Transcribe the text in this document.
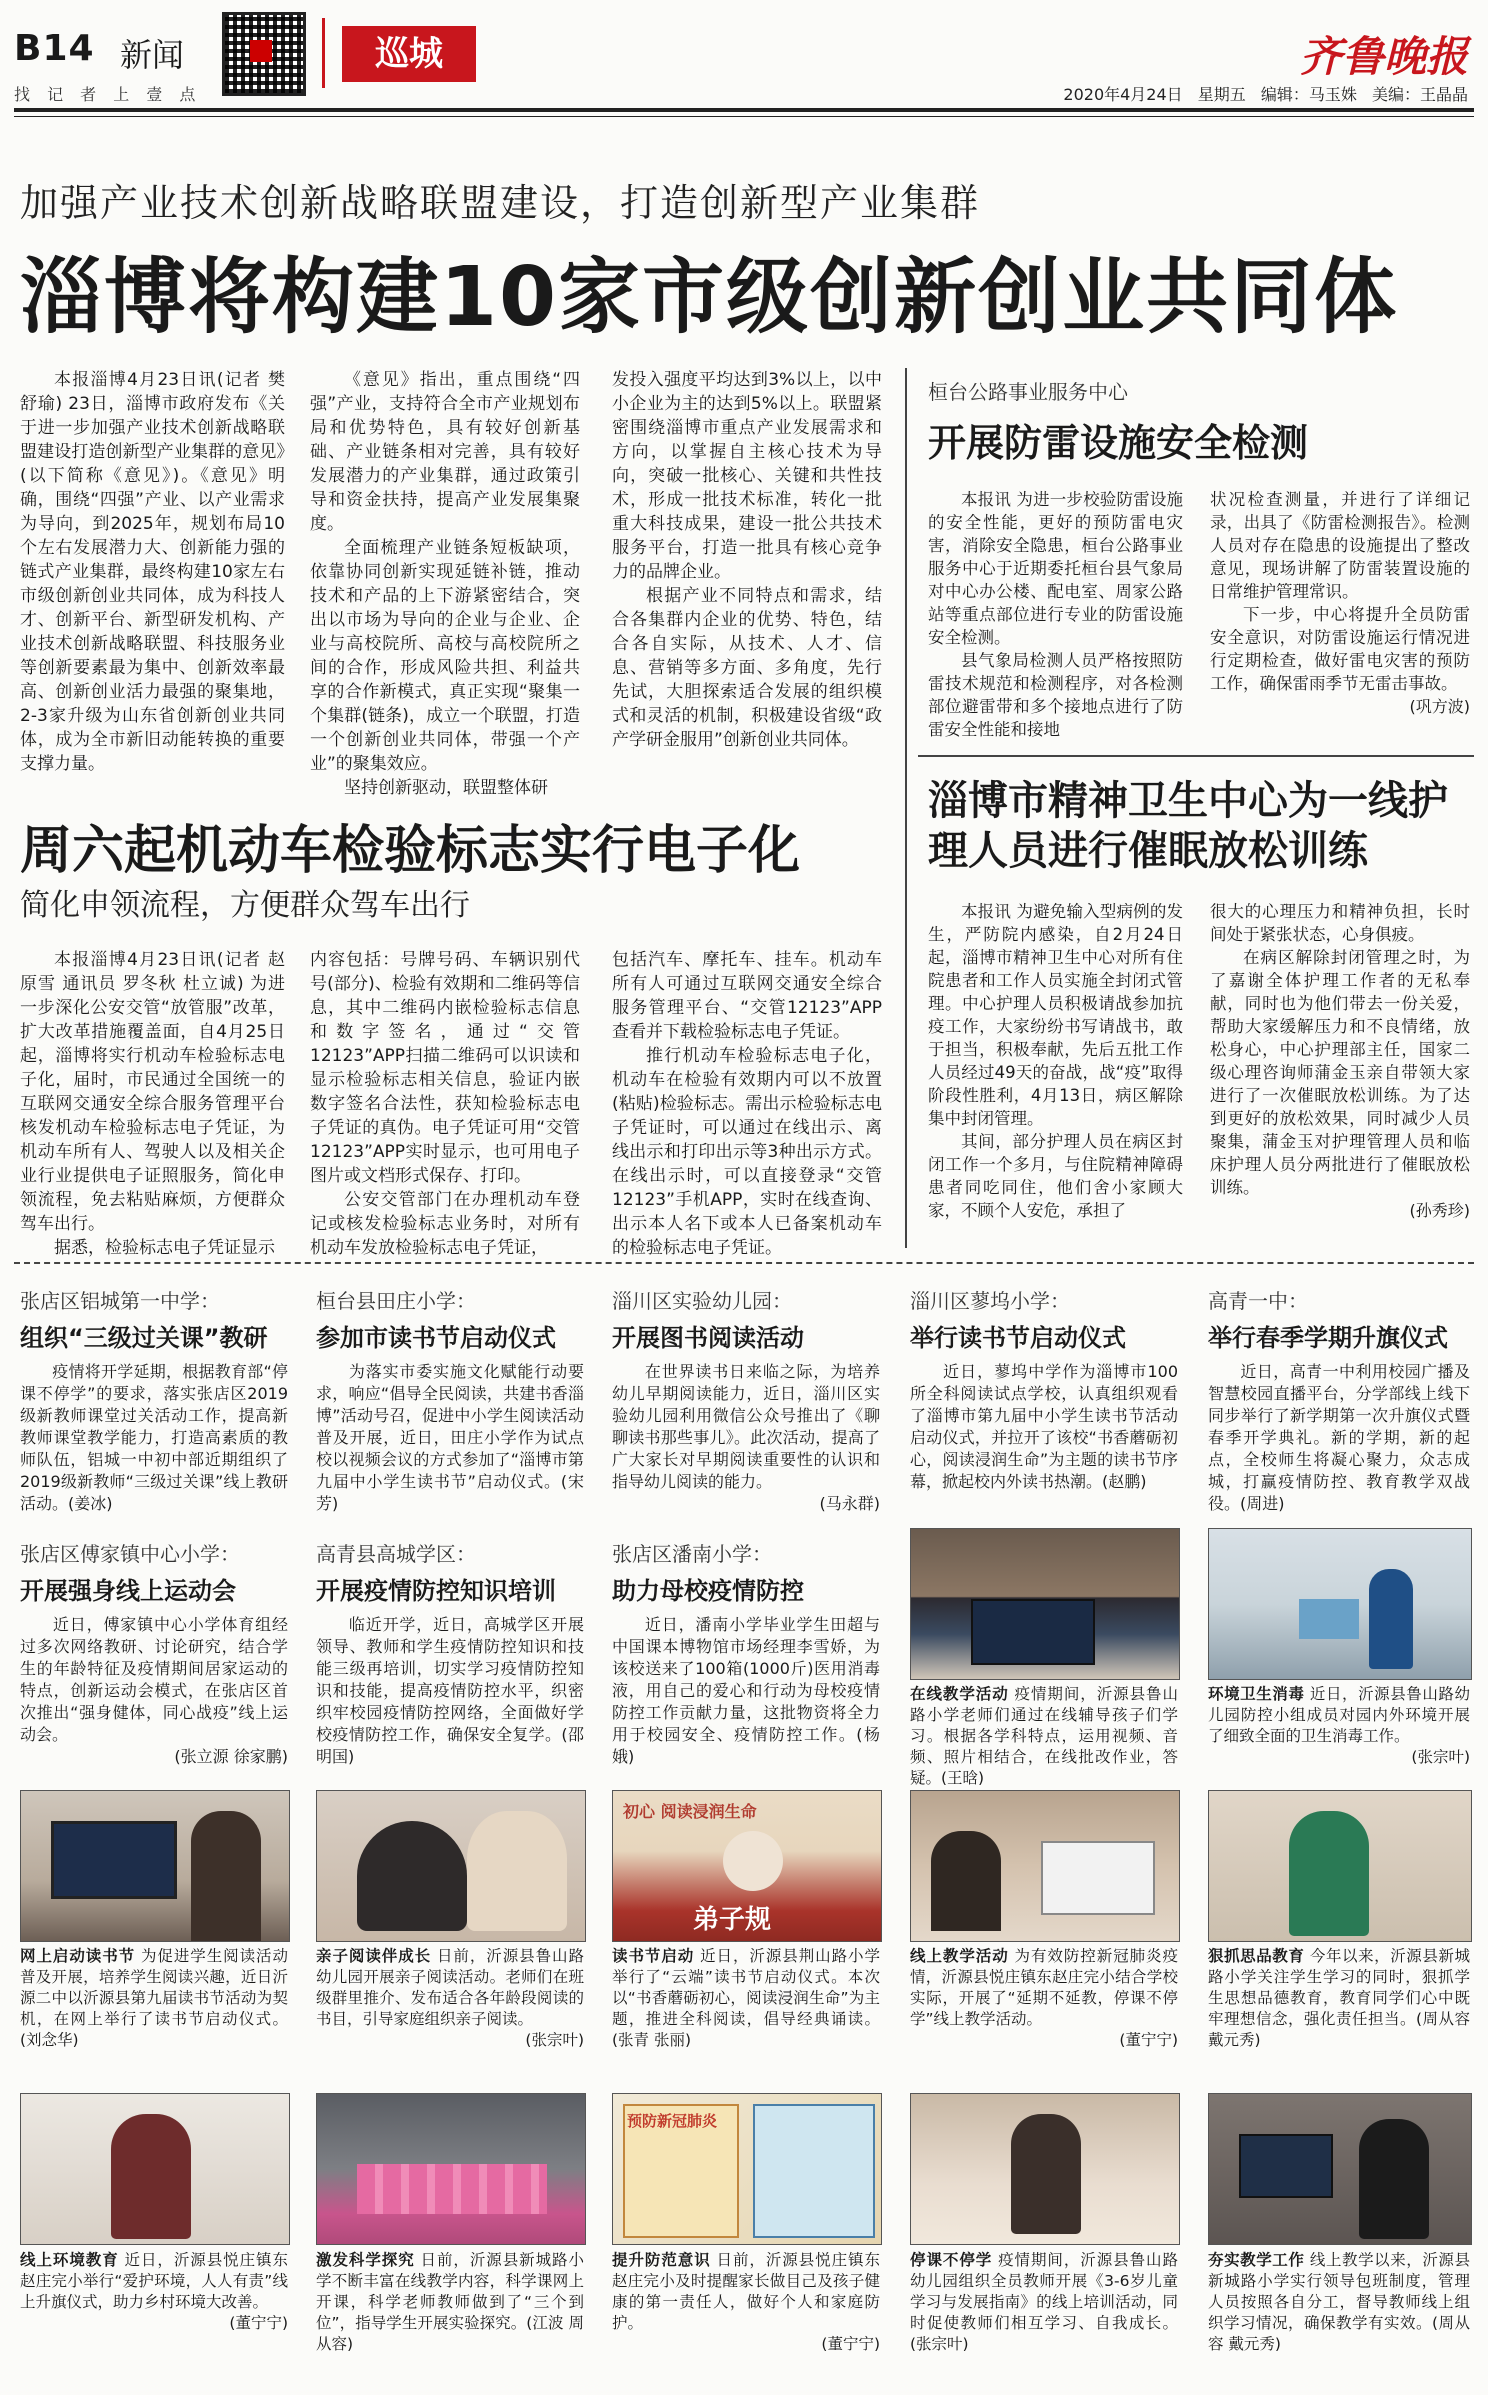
B14 新闻
找 记 者 上 壹 点
巡城	齐鲁晚报
2020年4月24日 星期五 编辑：马玉姝 美编：王晶晶
加强产业技术创新战略联盟建设，打造创新型产业集群
淄博将构建10家市级创新创业共同体

本报淄博4月23日讯(记者 樊舒瑜) 23日，淄博市政府发布《关于进一步加强产业技术创新战略联盟建设打造创新型产业集群的意见》(以下简称《意见》)。《意见》明确，围绕“四强”产业、以产业需求为导向，到2025年，规划布局10个左右发展潜力大、创新能力强的链式产业集群，最终构建10家左右市级创新创业共同体，成为科技人才、创新平台、新型研发机构、产业技术创新战略联盟、科技服务业等创新要素最为集中、创新效率最高、创新创业活力最强的聚集地，2-3家升级为山东省创新创业共同体，成为全市新旧动能转换的重要支撑力量。

《意见》指出，重点围绕“四强”产业，支持符合全市产业规划布局和优势特色，具有较好创新基础、产业链条相对完善，具有较好发展潜力的产业集群，通过政策引导和资金扶持，提高产业发展集聚度。

全面梳理产业链条短板缺项，依靠协同创新实现延链补链，推动技术和产品的上下游紧密结合，突出以市场为导向的企业与企业、企业与高校院所、高校与高校院所之间的合作，形成风险共担、利益共享的合作新模式，真正实现“聚集一个集群(链条)，成立一个联盟，打造一个创新创业共同体，带强一个产业”的聚集效应。

坚持创新驱动，联盟整体研

发投入强度平均达到3%以上，以中小企业为主的达到5%以上。联盟紧密围绕淄博市重点产业发展需求和方向，以掌握自主核心技术为导向，突破一批核心、关键和共性技术，形成一批技术标准，转化一批重大科技成果，建设一批公共技术服务平台，打造一批具有核心竞争力的品牌企业。

根据产业不同特点和需求，结合各集群内企业的优势、特色，结合各自实际，从技术、人才、信息、营销等多方面、多角度，先行先试，大胆探索适合发展的组织模式和灵活的机制，积极建设省级“政产学研金服用”创新创业共同体。

桓台公路事业服务中心
开展防雷设施安全检测

本报讯 为进一步校验防雷设施的安全性能，更好的预防雷电灾害，消除安全隐患，桓台公路事业服务中心于近期委托桓台县气象局对中心办公楼、配电室、周家公路站等重点部位进行专业的防雷设施安全检测。

县气象局检测人员严格按照防雷技术规范和检测程序，对各检测部位避雷带和多个接地点进行了防雷安全性能和接地

状况检查测量，并进行了详细记录，出具了《防雷检测报告》。检测人员对存在隐患的设施提出了整改意见，现场讲解了防雷装置设施的日常维护管理常识。

下一步，中心将提升全员防雷安全意识，对防雷设施运行情况进行定期检查，做好雷电灾害的预防工作，确保雷雨季节无雷击事故。

(巩方波)
周六起机动车检验标志实行电子化
简化申领流程，方便群众驾车出行

本报淄博4月23日讯(记者 赵原雪 通讯员 罗冬秋 杜立诚) 为进一步深化公安交管“放管服”改革，扩大改革措施覆盖面，自4月25日起，淄博将实行机动车检验标志电子化，届时，市民通过全国统一的互联网交通安全综合服务管理平台核发机动车检验标志电子凭证，为机动车所有人、驾驶人以及相关企业行业提供电子证照服务，简化申领流程，免去粘贴麻烦，方便群众驾车出行。

据悉，检验标志电子凭证显示

内容包括：号牌号码、车辆识别代号(部分)、检验有效期和二维码等信息，其中二维码内嵌检验标志信息和数字签名，通过“交管12123”APP扫描二维码可以识读和显示检验标志相关信息，验证内嵌数字签名合法性，获知检验标志电子凭证的真伪。电子凭证可用“交管12123”APP实时显示，也可用电子图片或文档形式保存、打印。

公安交管部门在办理机动车登记或核发检验标志业务时，对所有机动车发放检验标志电子凭证，

包括汽车、摩托车、挂车。机动车所有人可通过互联网交通安全综合服务管理平台、“交管12123”APP查看并下载检验标志电子凭证。

推行机动车检验标志电子化，机动车在检验有效期内可以不放置(粘贴)检验标志。需出示检验标志电子凭证时，可以通过在线出示、离线出示和打印出示等3种出示方式。在线出示时，可以直接登录“交管12123”手机APP，实时在线查询、出示本人名下或本人已备案机动车的检验标志电子凭证。

淄博市精神卫生中心为一线护理人员进行催眠放松训练

本报讯 为避免输入型病例的发生，严防院内感染，自2月24日起，淄博市精神卫生中心对所有住院患者和工作人员实施全封闭式管理。中心护理人员积极请战参加抗疫工作，大家纷纷书写请战书，敢于担当，积极奉献，先后五批工作人员经过49天的奋战，战“疫”取得阶段性胜利，4月13日，病区解除集中封闭管理。

其间，部分护理人员在病区封闭工作一个多月，与住院精神障碍患者同吃同住，他们舍小家顾大家，不顾个人安危，承担了

很大的心理压力和精神负担，长时间处于紧张状态，心身俱疲。

在病区解除封闭管理之时，为了嘉谢全体护理工作者的无私奉献，同时也为他们带去一份关爱，帮助大家缓解压力和不良情绪，放松身心，中心护理部主任，国家二级心理咨询师蒲金玉亲自带领大家进行了一次催眠放松训练。为了达到更好的放松效果，同时减少人员聚集，蒲金玉对护理管理人员和临床护理人员分两批进行了催眠放松训练。

(孙秀珍)
张店区铝城第一中学：
组织“三级过关课”教研
疫情将开学延期，根据教育部“停课不停学”的要求，落实张店区2019级新教师课堂过关活动工作，提高新教师课堂教学能力，打造高素质的教师队伍，铝城一中初中部近期组织了2019级新教师“三级过关课”线上教研活动。(姜冰)
桓台县田庄小学：
参加市读书节启动仪式
为落实市委实施文化赋能行动要求，响应“倡导全民阅读，共建书香淄博”活动号召，促进中小学生阅读活动普及开展，近日，田庄小学作为试点校以视频会议的方式参加了“淄博市第九届中小学生读书节”启动仪式。(宋芳)
淄川区实验幼儿园：
开展图书阅读活动
在世界读书日来临之际，为培养幼儿早期阅读能力，近日，淄川区实验幼儿园利用微信公众号推出了《聊聊读书那些事儿》。此次活动，提高了广大家长对早期阅读重要性的认识和指导幼儿阅读的能力。
(马永群)
淄川区蓼坞小学：
举行读书节启动仪式
近日，蓼坞中学作为淄博市100所全科阅读试点学校，认真组织观看了淄博市第九届中小学生读书节活动启动仪式，并拉开了该校“书香蘑砺初心，阅读浸润生命”为主题的读书节序幕，掀起校内外读书热潮。(赵鹏)
高青一中：
举行春季学期升旗仪式
近日，高青一中利用校园广播及智慧校园直播平台，分学部线上线下同步举行了新学期第一次升旗仪式暨春季开学典礼。新的学期，新的起点，全校师生将凝心聚力，众志成城，打赢疫情防控、教育教学双战役。(周进)
张店区傅家镇中心小学：
开展强身线上运动会
近日，傅家镇中心小学体育组经过多次网络教研、讨论研究，结合学生的年龄特征及疫情期间居家运动的特点，创新运动会模式，在张店区首次推出“强身健体，同心战疫”线上运动会。
(张立源 徐家鹏)
高青县高城学区：
开展疫情防控知识培训
临近开学，近日，高城学区开展领导、教师和学生疫情防控知识和技能三级再培训，切实学习疫情防控知识和技能，提高疫情防控水平，织密织牢校园疫情防控网络，全面做好学校疫情防控工作，确保安全复学。(邵明国)
张店区潘南小学：
助力母校疫情防控
近日，潘南小学毕业学生田超与中国课本博物馆市场经理李雪娇，为该校送来了100箱(1000斤)医用消毒液，用自己的爱心和行动为母校疫情防控工作贡献力量，这批物资将全力用于校园安全、疫情防控工作。(杨娥)
在线教学活动 疫情期间，沂源县鲁山路小学老师们通过在线辅导孩子们学习。根据各学科特点，运用视频、音频、照片相结合，在线批改作业，答疑。(王晗)
环境卫生消毒 近日，沂源县鲁山路幼儿园防控小组成员对园内外环境开展了细致全面的卫生消毒工作。
(张宗叶)
初心 阅读浸润生命
弟子规
网上启动读书节 为促进学生阅读活动普及开展，培养学生阅读兴趣，近日沂源二中以沂源县第九届读书节活动为契机，在网上举行了读书节启动仪式。(刘念华)
亲子阅读伴成长 日前，沂源县鲁山路幼儿园开展亲子阅读活动。老师们在班级群里推介、发布适合各年龄段阅读的书目，引导家庭组织亲子阅读。
(张宗叶)
读书节启动 近日，沂源县荆山路小学举行了“云端”读书节启动仪式。本次以“书香蘑砺初心，阅读浸润生命”为主题，推进全科阅读，倡导经典诵读。(张青 张丽)
线上教学活动 为有效防控新冠肺炎疫情，沂源县悦庄镇东赵庄完小结合学校实际，开展了“延期不延教，停课不停学”线上教学活动。
(董宁宁)
狠抓思品教育 今年以来，沂源县新城路小学关注学生学习的同时，狠抓学生思想品德教育，教育同学们心中既牢理想信念，强化责任担当。(周从容 戴元秀)
预防新冠肺炎
线上环境教育 近日，沂源县悦庄镇东赵庄完小举行“爱护环境，人人有责”线上升旗仪式，助力乡村环境大改善。
(董宁宁)
激发科学探究 日前，沂源县新城路小学不断丰富在线教学内容，科学课网上开课，科学老师教师做到了“三个到位”，指导学生开展实验探究。(江波 周从容)
提升防范意识 日前，沂源县悦庄镇东赵庄完小及时提醒家长做目己及孩子健康的第一责任人，做好个人和家庭防护。
(董宁宁)
停课不停学 疫情期间，沂源县鲁山路幼儿园组织全员教师开展《3-6岁儿童学习与发展指南》的线上培训活动，同时促使教师们相互学习、自我成长。(张宗叶)
夯实教学工作 线上教学以来，沂源县新城路小学实行领导包班制度，管理人员按照各自分工，督导教师线上组织学习情况，确保教学有实效。(周从容 戴元秀)
